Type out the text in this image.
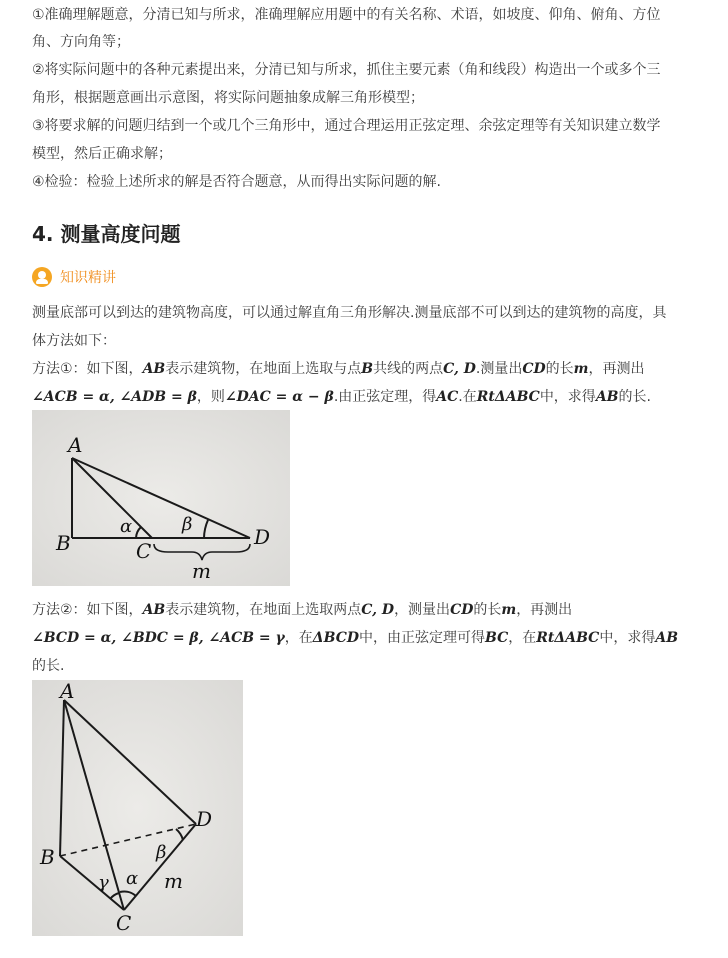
①准确理解题意，分清已知与所求，准确理解应用题中的有关名称、术语，如坡度、仰角、俯角、方位

角、方向角等；

②将实际问题中的各种元素提出来，分清已知与所求，抓住主要元素（角和线段）构造出一个或多个三

角形，根据题意画出示意图，将实际问题抽象成解三角形模型；

③将要求解的问题归结到一个或几个三角形中，通过合理运用正弦定理、余弦定理等有关知识建立数学

模型，然后正确求解；

④检验：检验上述所求的解是否符合题意，从而得出实际问题的解.

4. 测量高度问题
知识精讲

测量底部可以到达的建筑物高度，可以通过解直角三角形解决.测量底部不可以到达的建筑物的高度，具

体方法如下：

方法①：如下图，AB表示建筑物，在地面上选取与点B共线的两点C, D.测量出CD的长m，再测出

∠ACB = α, ∠ADB = β，则∠DAC = α − β.由正弦定理，得AC.在RtΔABC中，求得AB的长.

A
B	C
D
α	β
m

方法②：如下图，AB表示建筑物，在地面上选取两点C, D，测量出CD的长m，再测出

∠BCD = α, ∠BDC = β, ∠ACB = γ，在ΔBCD中，由正弦定理可得BC，在RtΔABC中，求得AB

的长.

A
B
C
D
γ α
β
m
